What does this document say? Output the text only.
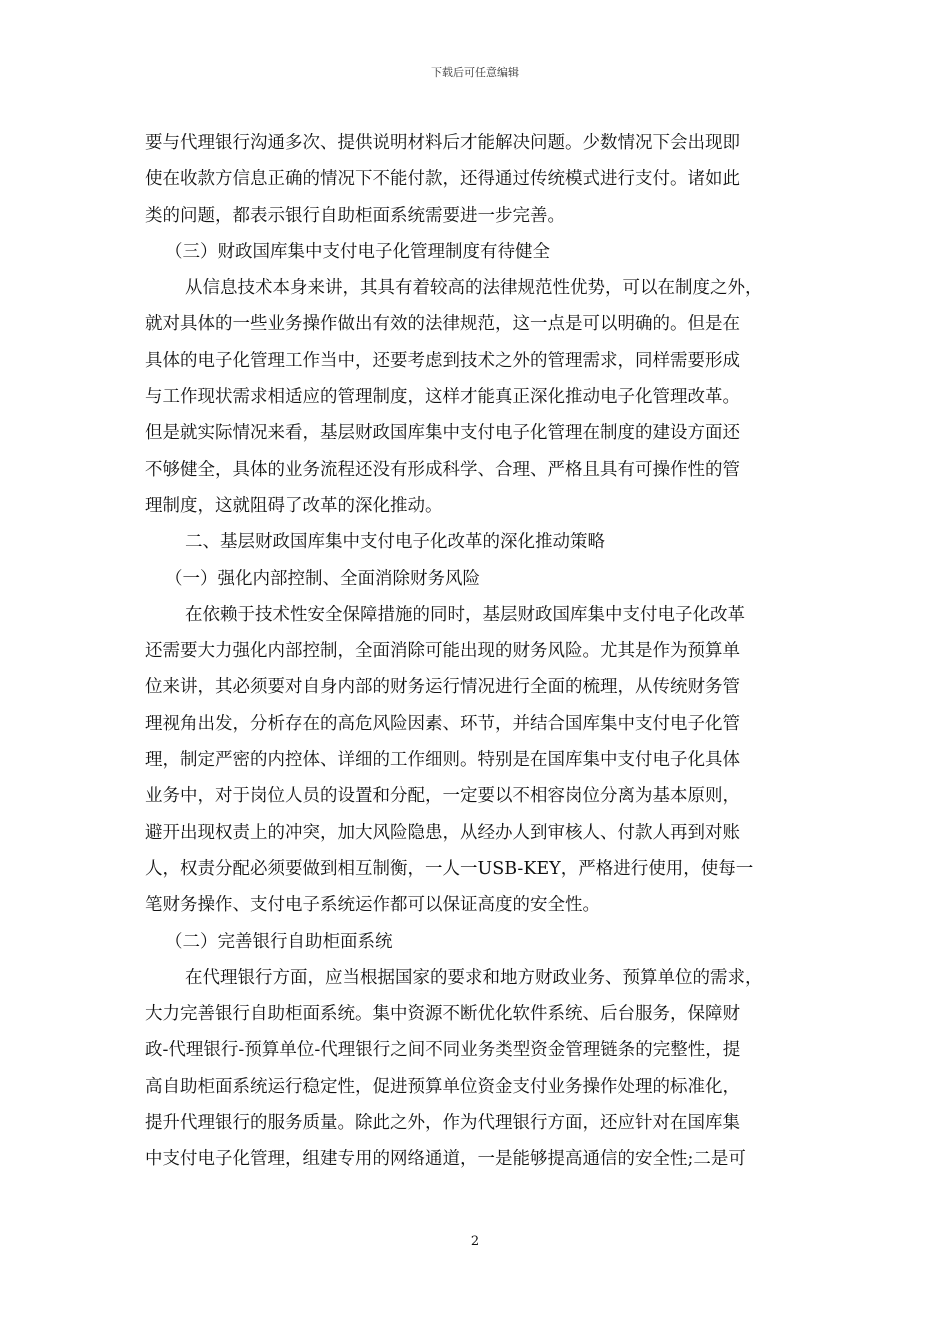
下载后可任意编辑
要与代理银行沟通多次、提供说明材料后才能解决问题。少数情况下会出现即
使在收款方信息正确的情况下不能付款，还得通过传统模式进行支付。诸如此
类的问题，都表示银行自助柜面系统需要进一步完善。
（三）财政国库集中支付电子化管理制度有待健全
从信息技术本身来讲，其具有着较高的法律规范性优势，可以在制度之外，
就对具体的一些业务操作做出有效的法律规范，这一点是可以明确的。但是在
具体的电子化管理工作当中，还要考虑到技术之外的管理需求，同样需要形成
与工作现状需求相适应的管理制度，这样才能真正深化推动电子化管理改革。
但是就实际情况来看，基层财政国库集中支付电子化管理在制度的建设方面还
不够健全，具体的业务流程还没有形成科学、合理、严格且具有可操作性的管
理制度，这就阻碍了改革的深化推动。
二、基层财政国库集中支付电子化改革的深化推动策略
（一）强化内部控制、全面消除财务风险
在依赖于技术性安全保障措施的同时，基层财政国库集中支付电子化改革
还需要大力强化内部控制，全面消除可能出现的财务风险。尤其是作为预算单
位来讲，其必须要对自身内部的财务运行情况进行全面的梳理，从传统财务管
理视角出发，分析存在的高危风险因素、环节，并结合国库集中支付电子化管
理，制定严密的内控体、详细的工作细则。特别是在国库集中支付电子化具体
业务中，对于岗位人员的设置和分配，一定要以不相容岗位分离为基本原则，
避开出现权责上的冲突，加大风险隐患，从经办人到审核人、付款人再到对账
人，权责分配必须要做到相互制衡，一人一USB-KEY，严格进行使用，使每一
笔财务操作、支付电子系统运作都可以保证高度的安全性。
（二）完善银行自助柜面系统
在代理银行方面，应当根据国家的要求和地方财政业务、预算单位的需求，
大力完善银行自助柜面系统。集中资源不断优化软件系统、后台服务，保障财
政-代理银行-预算单位-代理银行之间不同业务类型资金管理链条的完整性，提
高自助柜面系统运行稳定性，促进预算单位资金支付业务操作处理的标准化，
提升代理银行的服务质量。除此之外，作为代理银行方面，还应针对在国库集
中支付电子化管理，组建专用的网络通道，一是能够提高通信的安全性;二是可
2
